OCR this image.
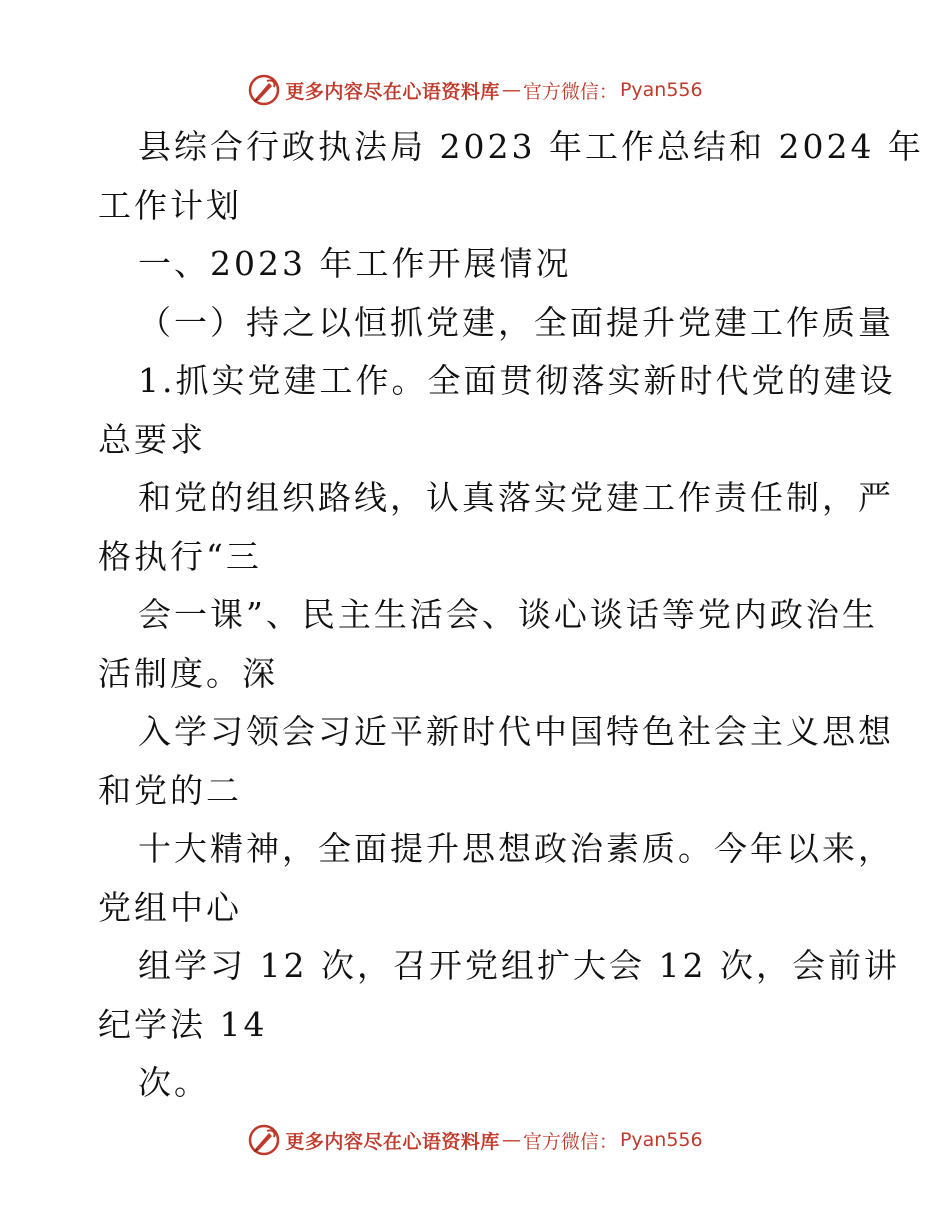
更多内容尽在心语资料库 — 官方微信： Pyan556
县综合行政执法局 2023 年工作总结和 2024 年
工作计划
一、2023 年工作开展情况
（一）持之以恒抓党建，全面提升党建工作质量
1.抓实党建工作。全面贯彻落实新时代党的建设
总要求
和党的组织路线，认真落实党建工作责任制，严
格执行“三
会一课”、民主生活会、谈心谈话等党内政治生
活制度。深
入学习领会习近平新时代中国特色社会主义思想
和党的二
十大精神，全面提升思想政治素质。今年以来，
党组中心
组学习 12 次，召开党组扩大会 12 次，会前讲
纪学法 14
次。
更多内容尽在心语资料库 — 官方微信： Pyan556
